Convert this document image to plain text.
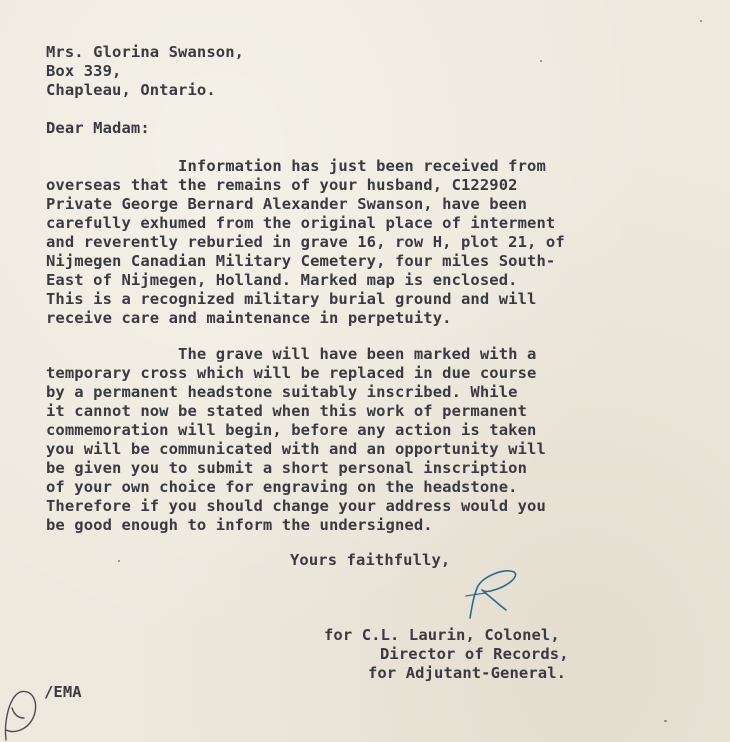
Mrs. Glorina Swanson,
Box 339,
Chapleau, Ontario.
Dear Madam:
Information has just been received from
overseas that the remains of your husband, C122902
Private George Bernard Alexander Swanson, have been
carefully exhumed from the original place of interment
and reverently reburied in grave 16, row H, plot 21, of
Nijmegen Canadian Military Cemetery, four miles South-
East of Nijmegen, Holland. Marked map is enclosed.
This is a recognized military burial ground and will
receive care and maintenance in perpetuity.
The grave will have been marked with a
temporary cross which will be replaced in due course
by a permanent headstone suitably inscribed. While
it cannot now be stated when this work of permanent
commemoration will begin, before any action is taken
you will be communicated with and an opportunity will
be given you to submit a short personal inscription
of your own choice for engraving on the headstone.
Therefore if you should change your address would you
be good enough to inform the undersigned.
Yours faithfully,
for C.L. Laurin, Colonel,
Director of Records,
for Adjutant-General.
/EMA
